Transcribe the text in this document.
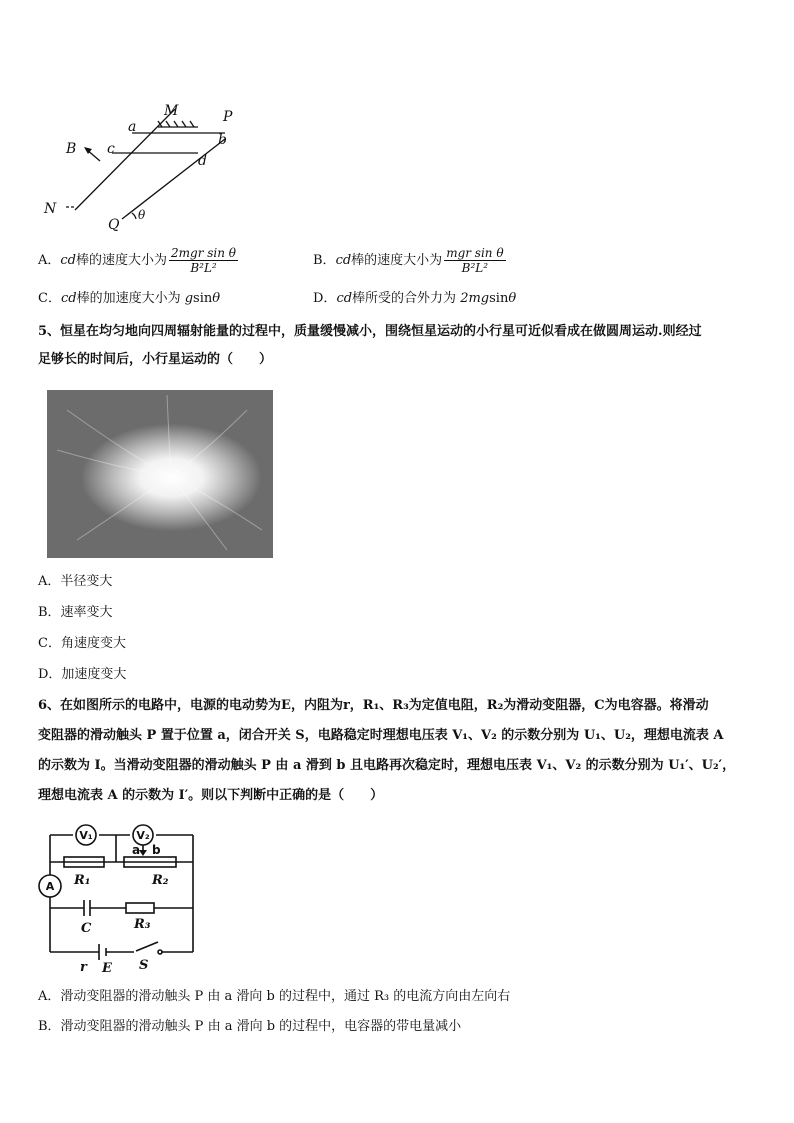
M	P
a
b
B c
d
N
Q
θ
A．cd棒的速度大小为 $\frac{\text{2mgr sin θ}}{\text{B²L²}}$	B．cd棒的速度大小为 $\frac{\text{mgr sin θ}}{\text{B²L²}}$
C．cd棒的加速度大小为 gsinθ	D．cd棒所受的合外力为 2mgsinθ
5、恒星在均匀地向四周辐射能量的过程中，质量缓慢减小，围绕恒星运动的小行星可近似看成在做圆周运动.则经过
足够长的时间后，小行星运动的（　　）
A．半径变大
B．速率变大
C．角速度变大
D．加速度变大
6、在如图所示的电路中，电源的电动势为E，内阻为r，R₁、R₃为定值电阻，R₂为滑动变阻器，C为电容器。将滑动
变阻器的滑动触头 P 置于位置 a，闭合开关 S，电路稳定时理想电压表 V₁、V₂ 的示数分别为 U₁、U₂，理想电流表 A
的示数为 I。当滑动变阻器的滑动触头 P 由 a 滑到 b 且电路再次稳定时，理想电压表 V₁、V₂ 的示数分别为 U₁′、U₂′，
理想电流表 A 的示数为 I′。则以下判断中正确的是（　　）
V₁	V₂
A R₁	R₂
R₃
C
r E S
a b
A．滑动变阻器的滑动触头 P 由 a 滑向 b 的过程中，通过 R₃ 的电流方向由左向右
B．滑动变阻器的滑动触头 P 由 a 滑向 b 的过程中，电容器的带电量减小
